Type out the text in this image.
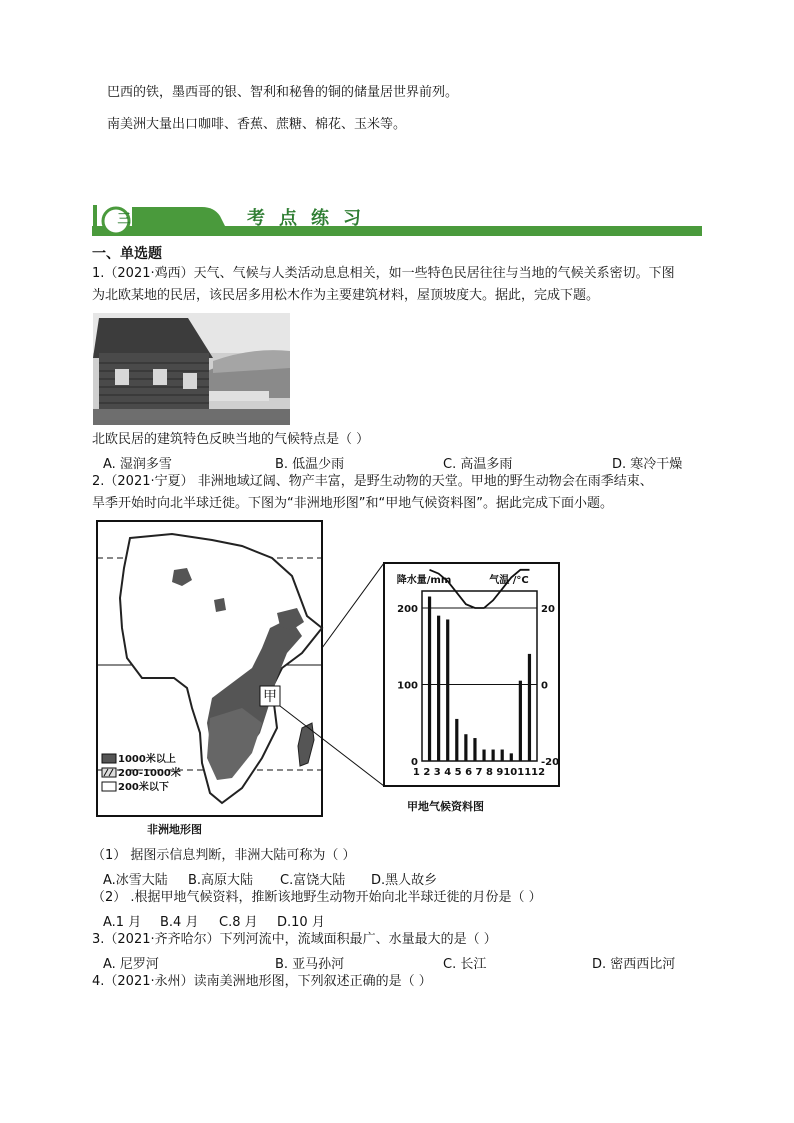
巴西的铁，墨西哥的银、智利和秘鲁的铜的储量居世界前列。
南美洲大量出口咖啡、香蕉、蔗糖、棉花、玉米等。
三	考点练习
一、单选题
1.（2021·鸡西）天气、气候与人类活动息息相关，如一些特色民居往往与当地的气候关系密切。下图
为北欧某地的民居，该民居多用松木作为主要建筑材料，屋顶坡度大。据此，完成下题。
北欧民居的建筑特色反映当地的气候特点是（ ）
A. 湿润多雪	B. 低温少雨	C. 高温多雨	D. 寒冷干燥
2.（2021·宁夏） 非洲地域辽阔、物产丰富，是野生动物的天堂。甲地的野生动物会在雨季结束、
旱季开始时向北半球迁徙。下图为“非洲地形图”和“甲地气候资料图”。据此完成下面小题。
甲
1000米以上
200-1000米
200米以下
非洲地形图
降水量/mm	气温 /°C
0
100
200
-20
0
20
1 2 3 4 5 6 7 8 9101112
甲地气候资料图
（1） 据图示信息判断，非洲大陆可称为（ ）
A.冰雪大陆 B.高原大陆 C.富饶大陆 D.黑人故乡
（2） .根据甲地气候资料，推断该地野生动物开始向北半球迁徙的月份是（ ）
A.1 月 B.4 月 C.8 月 D.10 月
3.（2021·齐齐哈尔）下列河流中，流域面积最广、水量最大的是（ ）
A. 尼罗河	B. 亚马孙河	C. 长江	D. 密西西比河
4.（2021·永州）读南美洲地形图，下列叙述正确的是（ ）
